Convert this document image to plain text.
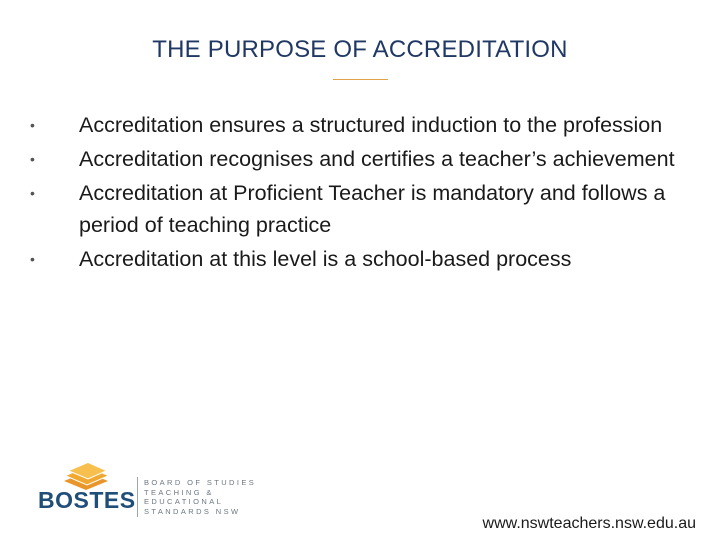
THE PURPOSE OF ACCREDITATION
•	Accreditation ensures a structured induction to the profession
•	Accreditation recognises and certifies a teacher’s achievement
•	Accreditation at Proficient Teacher is mandatory and follows a period of teaching practice
•	Accreditation at this level is a school-based process
BOSTES
BOARD OF STUDIES
TEACHING &
EDUCATIONAL
STANDARDS NSW
www.nswteachers.nsw.edu.au
